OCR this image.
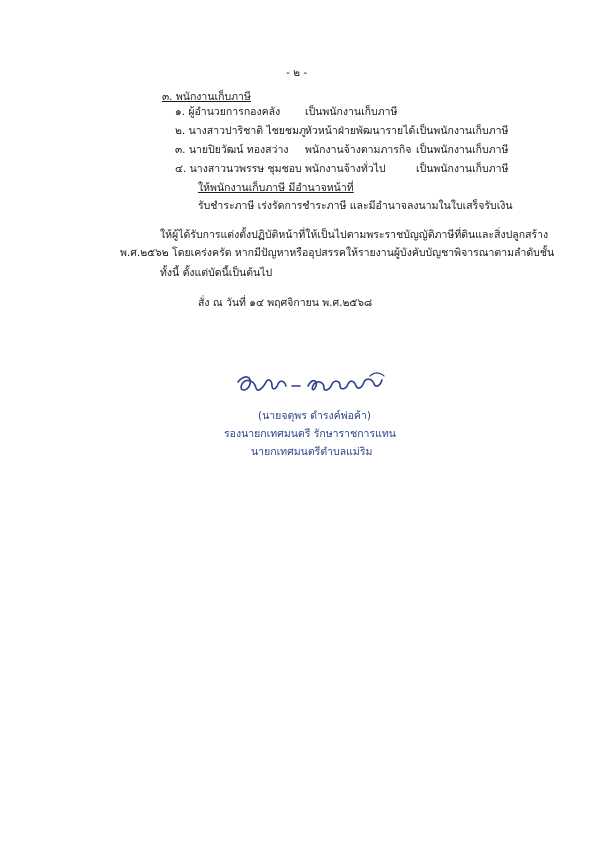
- ๒ -
๓. พนักงานเก็บภาษี
๑. ผู้อำนวยการกองคลัง เป็นพนักงานเก็บภาษี
๒. นางสาวปาริชาติ ไชยชมภู หัวหน้าฝ่ายพัฒนารายได้ เป็นพนักงานเก็บภาษี
๓. นายปิยวัฒน์ ทองสว่าง พนักงานจ้างตามภารกิจ เป็นพนักงานเก็บภาษี
๔. นางสาวนวพรรษ ชุมชอบ พนักงานจ้างทั่วไป	เป็นพนักงานเก็บภาษี
ให้พนักงานเก็บภาษี มีอำนาจหน้าที่
รับชำระภาษี เร่งรัดการชำระภาษี และมีอำนาจลงนามในใบเสร็จรับเงิน
ให้ผู้ได้รับการแต่งตั้งปฏิบัติหน้าที่ให้เป็นไปตามพระราชบัญญัติภาษีที่ดินและสิ่งปลูกสร้าง
พ.ศ.๒๕๖๒ โดยเคร่งครัด หากมีปัญหาหรืออุปสรรคให้รายงานผู้บังคับบัญชาพิจารณาตามลำดับชั้น
ทั้งนี้ ตั้งแต่บัดนี้เป็นต้นไป
สั่ง ณ วันที่ ๑๔ พฤศจิกายน พ.ศ.๒๕๖๘
(นายจตุพร ดำรงค์พ่อค้า)
รองนายกเทศมนตรี รักษาราชการแทน
นายกเทศมนตรีตำบลแม่ริม
